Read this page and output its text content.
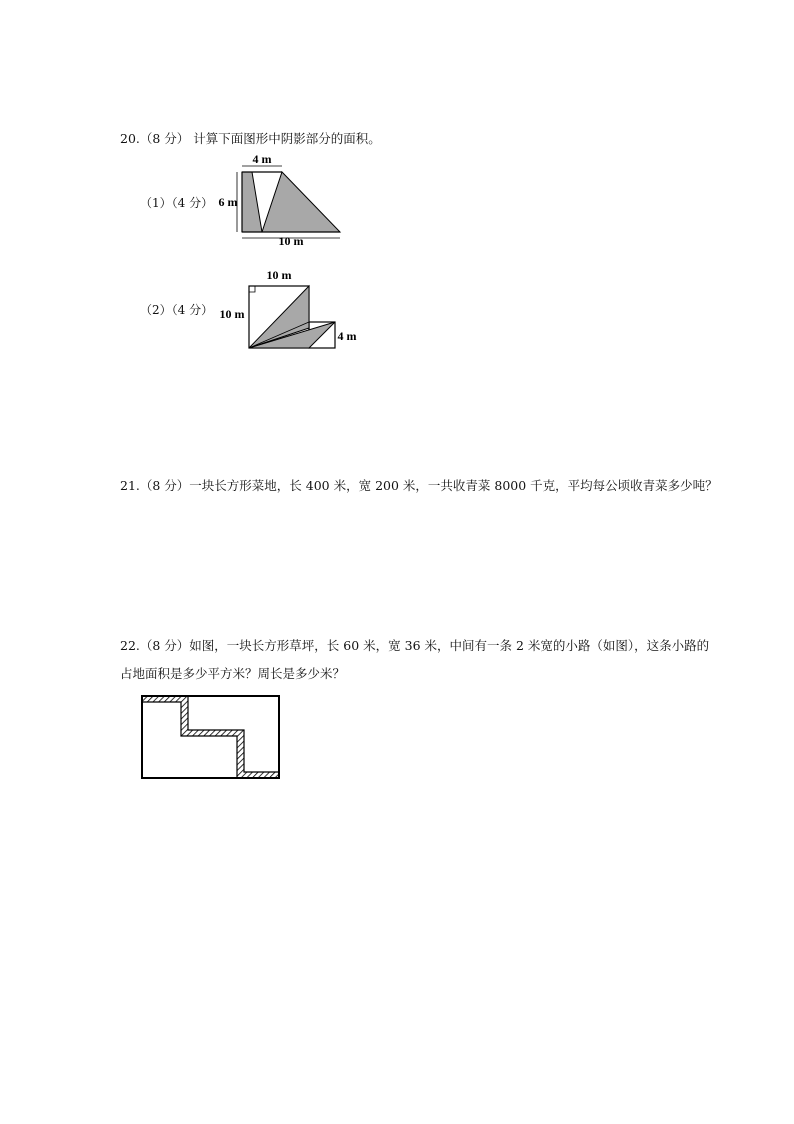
20.（8 分） 计算下面图形中阴影部分的面积。
（1）（4 分）
4 m
6 m
10 m
（2）（4 分）
10 m
10 m
4 m
21.（8 分）一块长方形菜地，长 400 米，宽 200 米，一共收青菜 8000 千克，平均每公顷收青菜多少吨？
22.（8 分）如图，一块长方形草坪，长 60 米，宽 36 米，中间有一条 2 米宽的小路（如图），这条小路的
占地面积是多少平方米？周长是多少米？
